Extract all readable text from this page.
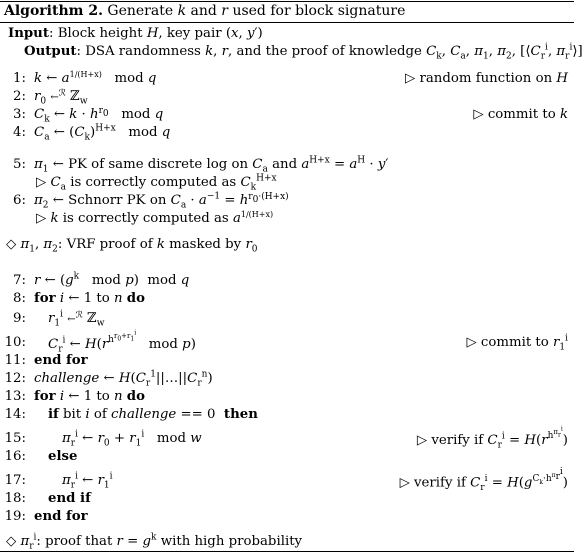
Algorithm 2. Generate k and r used for block signature
Input: Block height H, key pair (x, y′)
Output: DSA randomness k, r, and the proof of knowledge $C_k$, $C_a$, $\pi_1$, $\pi_2$, [$⟨C_r^i$, $\pi_r^i⟩$]
1: k ← $a^{1/(H+x)}$   mod q	▷ random function on H
2: $r_0$ ←$^ℛ$ ℤ$_w$
3: $C_k$ ← $k \cdot h^{r_0}$   mod q	▷ commit to k
4: $C_a$ ← $(C_k)^{H+x}$   mod q
5: $\pi_1$ ← PK of same discrete log on $C_a$ and $a^{H+x} = a^H \cdot y'$
▷ $C_a$ is correctly computed as $C_k^{H+x}$
6: $\pi_2$ ← Schnorr PK on $C_a \cdot a^{-1} = h^{r_0\cdot(H+x)}$
▷ k is correctly computed as $a^{1/(H+x)}$
◇ $\pi_1$, $\pi_2$: VRF proof of k masked by $r_0$
7: r ← ($g^k$   mod p)  mod q
8: for i ← 1 to n do
9: $r_1^i$ ←$^ℛ$ ℤ$_w$
10: $C_r^i$ ← $H(r^{h^{r_0+r_1^i}}$   mod p)	▷ commit to $r_1^i$
11: end for
12: challenge ← $H(C_r^1||\dots||C_r^n)$
13: for i ← 1 to n do
14: if bit i of challenge == 0  then
15:	$\pi_r^i$ ← $r_0 + r_1^i$   mod w	▷ verify if $C_r^i = H(r^{h^{\pi_r^i}})$
16: else
17:	$\pi_r^i$ ← $r_1^i$	▷ verify if $C_r^i = H(g^{C_k\cdot h^{\pi_r^i}})$
18: end if
19: end for
◇ $\pi_r^i$: proof that $r = g^k$ with high probability
